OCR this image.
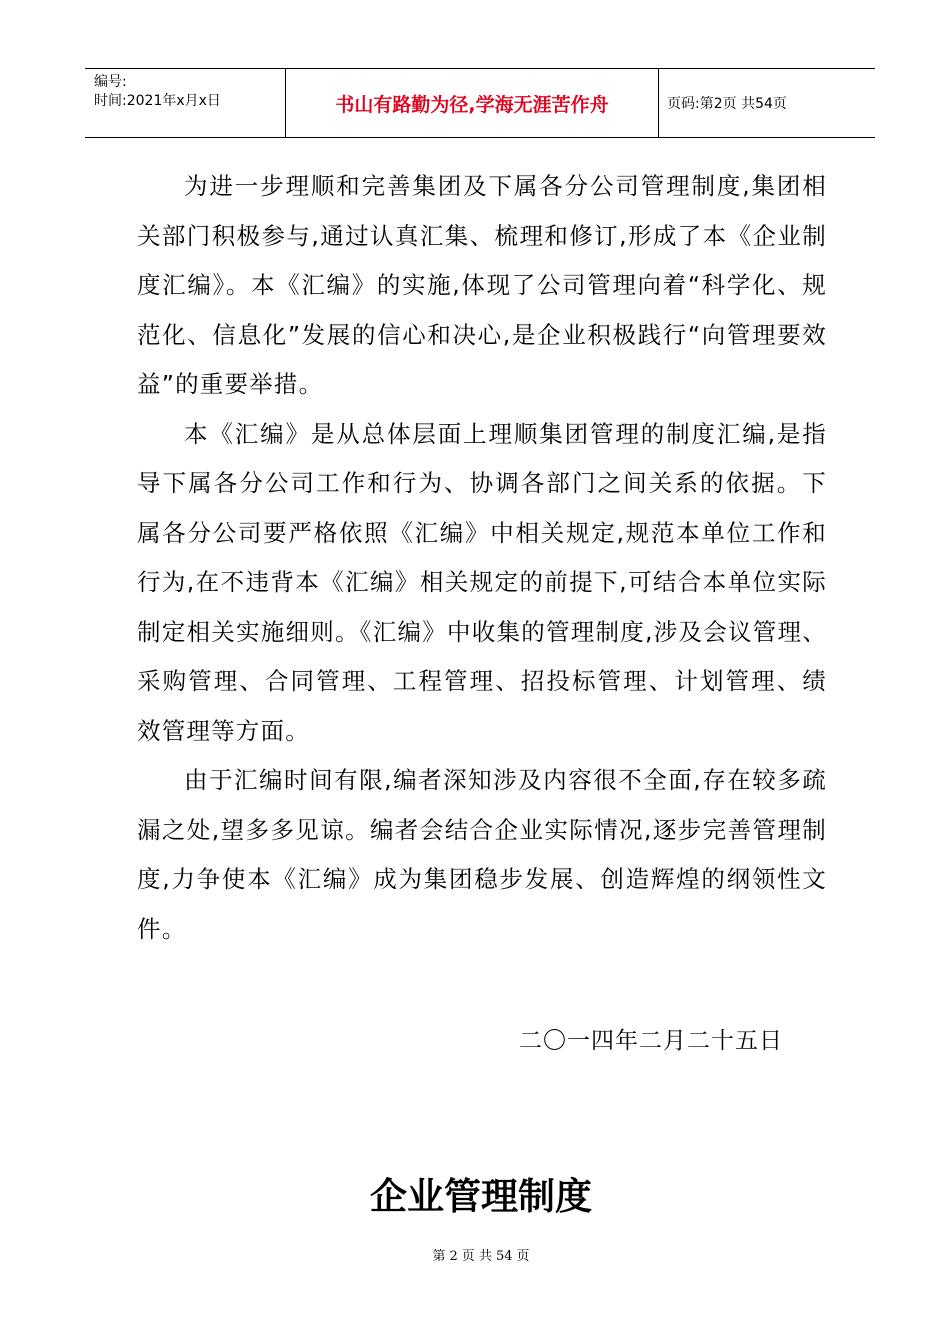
编号:
时间:2021年x月x日	书山有路勤为径,学海无涯苦作舟	页码:第2页 共54页

为进一步理顺和完善集团及下属各分公司管理制度,集团相关部门积极参与,通过认真汇集、梳理和修订,形成了本《企业制度汇编》。本《汇编》的实施,体现了公司管理向着“科学化、规范化、信息化”发展的信心和决心,是企业积极践行“向管理要效益”的重要举措。

本《汇编》是从总体层面上理顺集团管理的制度汇编,是指导下属各分公司工作和行为、协调各部门之间关系的依据。下属各分公司要严格依照《汇编》中相关规定,规范本单位工作和行为,在不违背本《汇编》相关规定的前提下,可结合本单位实际制定相关实施细则。《汇编》中收集的管理制度,涉及会议管理、采购管理、合同管理、工程管理、招投标管理、计划管理、绩效管理等方面。

由于汇编时间有限,编者深知涉及内容很不全面,存在较多疏漏之处,望多多见谅。编者会结合企业实际情况,逐步完善管理制度,力争使本《汇编》成为集团稳步发展、创造辉煌的纲领性文件。

二〇一四年二月二十五日
企业管理制度
第 2 页 共 54 页
